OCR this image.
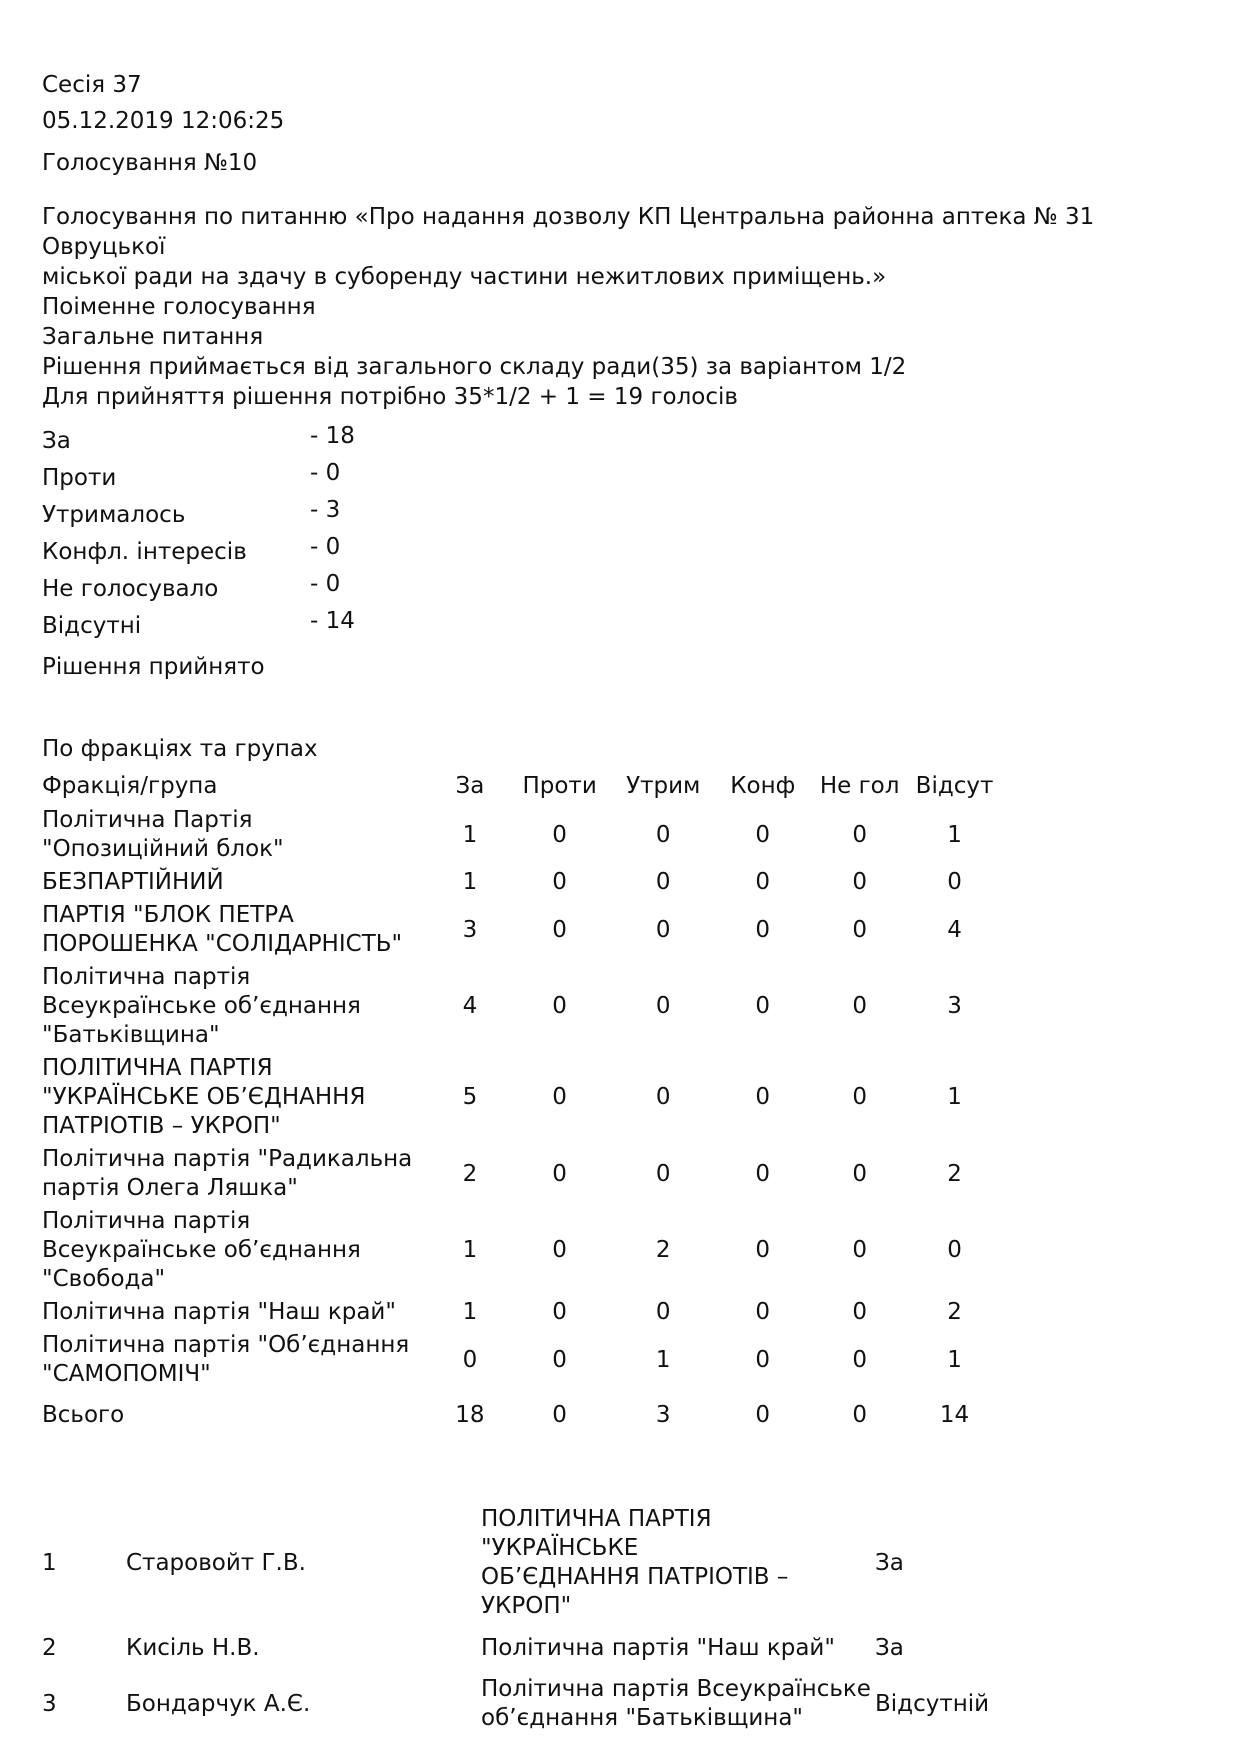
Сесія 37
05.12.2019 12:06:25
Голосування №10
Голосування по питанню «Про надання дозволу КП Центральна районна аптека № 31 Овруцької
міської ради на здачу в суборенду частини нежитлових приміщень.»
Поіменне голосування
Загальне питання
Рішення приймається від загального складу ради(35) за варіантом 1/2
Для прийняття рішення потрібно 35*1/2 + 1 = 19 голосів
За	- 18
Проти	- 0
Утрималось	- 3
Конфл. інтересів	- 0
Не голосувало	- 0
Відсутні	- 14
Рішення прийнято
По фракціях та групах
Фракція/група	За	Проти	Утрим	Конф	Не гол	Відсут

Політична Партія
"Опозиційний блок"	1	0	0	0	0	1

БЕЗПАРТІЙНИЙ	1	0	0	0	0	0

ПАРТІЯ "БЛОК ПЕТРА
ПОРОШЕНКА "СОЛІДАРНІСТЬ"	3	0	0	0	0	4

Політична партія
Всеукраїнське об’єднання
"Батьківщина"	4	0	0	0	0	3

ПОЛІТИЧНА ПАРТІЯ
"УКРАЇНСЬКЕ ОБ’ЄДНАННЯ
ПАТРІОТІВ – УКРОП"	5	0	0	0	0	1

Політична партія "Радикальна
партія Олега Ляшка"	2	0	0	0	0	2

Політична партія
Всеукраїнське об’єднання
"Свобода"	1	0	2	0	0	0

Політична партія "Наш край"	1	0	0	0	0	2

Політична партія "Об’єднання
"САМОПОМІЧ"	0	0	1	0	0	1
Всього	18	0	3	0	0	14
1	Старовойт Г.В.	ПОЛІТИЧНА ПАРТІЯ "УКРАЇНСЬКЕ
ОБ’ЄДНАННЯ ПАТРІОТІВ –
УКРОП"	За
2	Кисіль Н.В.	Політична партія "Наш край"	За
3	Бондарчук А.Є.	Політична партія Всеукраїнське
об’єднання "Батьківщина"	Відсутній
